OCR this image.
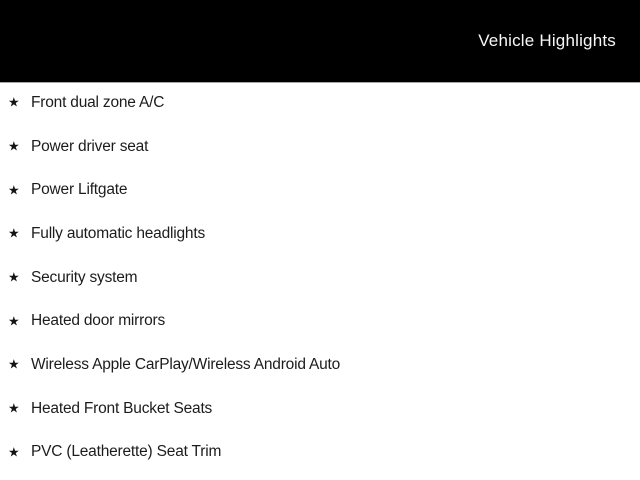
Vehicle Highlights
★ Front dual zone A/C
★ Power driver seat
★ Power Liftgate
★ Fully automatic headlights
★ Security system
★ Heated door mirrors
★ Wireless Apple CarPlay/Wireless Android Auto
★ Heated Front Bucket Seats
★ PVC (Leatherette) Seat Trim
